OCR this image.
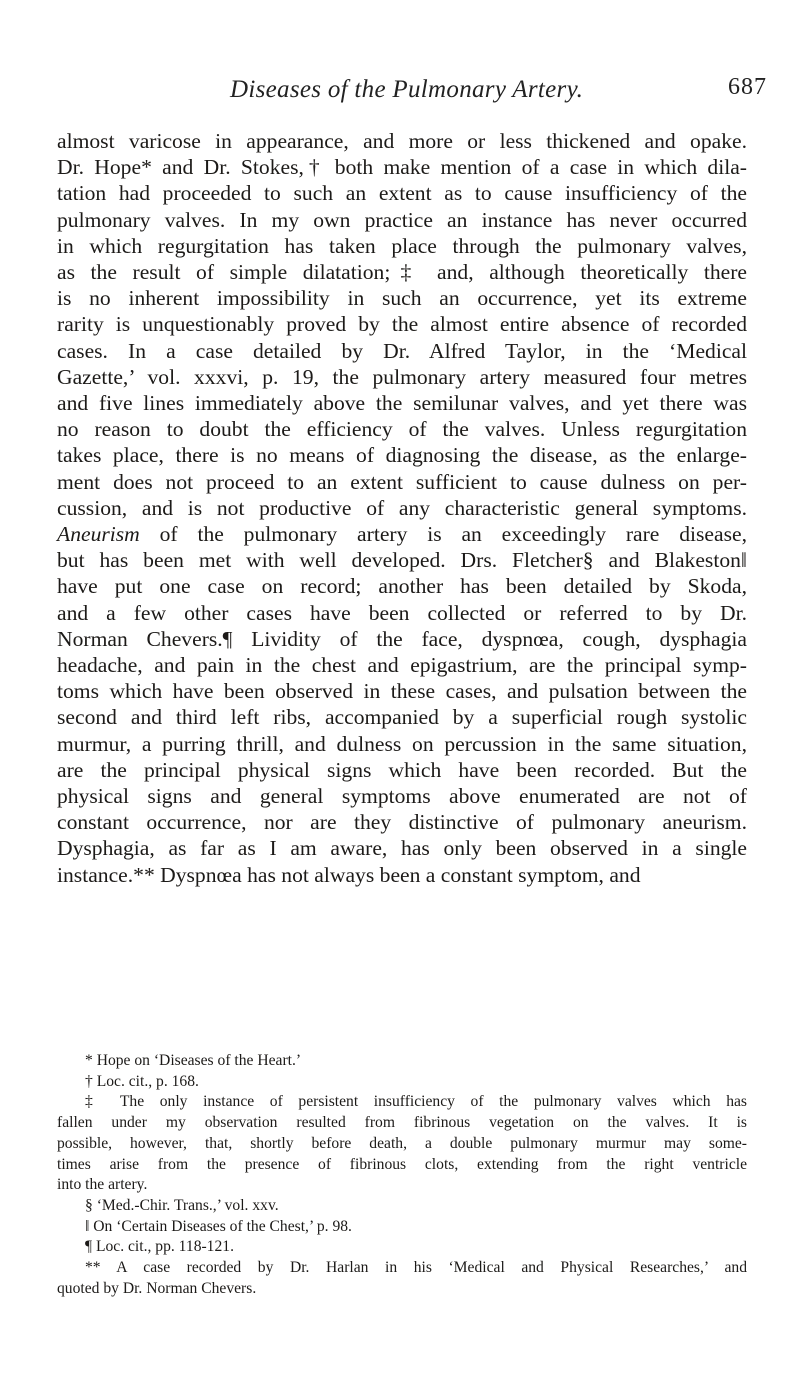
Diseases of the Pulmonary Artery.	687
almost varicose in appearance, and more or less thickened and opake.
Dr. Hope* and Dr. Stokes,† both make mention of a case in which dila-
tation had proceeded to such an extent as to cause insufficiency of the
pulmonary valves. In my own practice an instance has never occurred
in which regurgitation has taken place through the pulmonary valves,
as the result of simple dilatation;‡ and, although theoretically there
is no inherent impossibility in such an occurrence, yet its extreme
rarity is unquestionably proved by the almost entire absence of recorded
cases. In a case detailed by Dr. Alfred Taylor, in the ‘Medical
Gazette,’ vol. xxxvi, p. 19, the pulmonary artery measured four metres
and five lines immediately above the semilunar valves, and yet there was
no reason to doubt the efficiency of the valves. Unless regurgitation
takes place, there is no means of diagnosing the disease, as the enlarge-
ment does not proceed to an extent sufficient to cause dulness on per-
cussion, and is not productive of any characteristic general symptoms.
Aneurism of the pulmonary artery is an exceedingly rare disease,
but has been met with well developed. Drs. Fletcher§ and Blakeston‖
have put one case on record; another has been detailed by Skoda,
and a few other cases have been collected or referred to by Dr.
Norman Chevers.¶ Lividity of the face, dyspnœa, cough, dysphagia
headache, and pain in the chest and epigastrium, are the principal symp-
toms which have been observed in these cases, and pulsation between the
second and third left ribs, accompanied by a superficial rough systolic
murmur, a purring thrill, and dulness on percussion in the same situation,
are the principal physical signs which have been recorded. But the
physical signs and general symptoms above enumerated are not of
constant occurrence, nor are they distinctive of pulmonary aneurism.
Dysphagia, as far as I am aware, has only been observed in a single
instance.** Dyspnœa has not always been a constant symptom, and
* Hope on ‘Diseases of the Heart.’
† Loc. cit., p. 168.
‡ The only instance of persistent insufficiency of the pulmonary valves which has
fallen under my observation resulted from fibrinous vegetation on the valves. It is
possible, however, that, shortly before death, a double pulmonary murmur may some-
times arise from the presence of fibrinous clots, extending from the right ventricle
into the artery.
§ ‘Med.-Chir. Trans.,’ vol. xxv.
‖ On ‘Certain Diseases of the Chest,’ p. 98.
¶ Loc. cit., pp. 118-121.
** A case recorded by Dr. Harlan in his ‘Medical and Physical Researches,’ and
quoted by Dr. Norman Chevers.
